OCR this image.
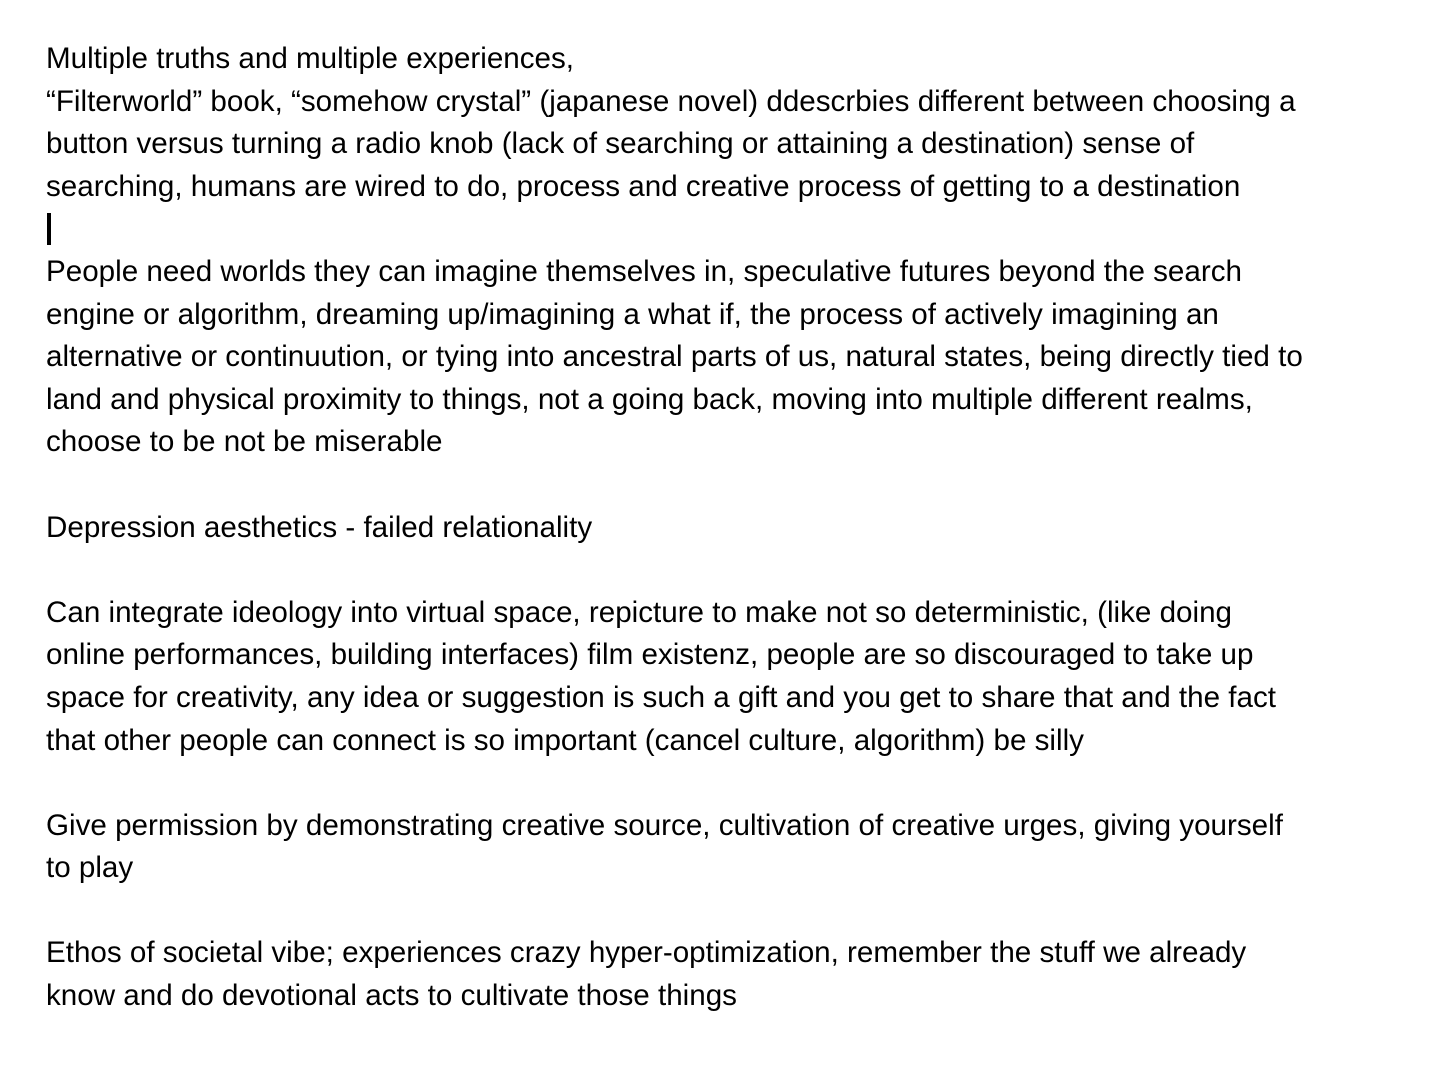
Multiple truths and multiple experiences,
“Filterworld” book, “somehow crystal” (japanese novel) ddescrbies different between choosing a
button versus turning a radio knob (lack of searching or attaining a destination) sense of
searching, humans are wired to do, process and creative process of getting to a destination

People need worlds they can imagine themselves in, speculative futures beyond the search
engine or algorithm, dreaming up/imagining a what if, the process of actively imagining an
alternative or continuution, or tying into ancestral parts of us, natural states, being directly tied to
land and physical proximity to things, not a going back, moving into multiple different realms,
choose to be not be miserable

Depression aesthetics - failed relationality

Can integrate ideology into virtual space, repicture to make not so deterministic, (like doing
online performances, building interfaces) film existenz, people are so discouraged to take up
space for creativity, any idea or suggestion is such a gift and you get to share that and the fact
that other people can connect is so important (cancel culture, algorithm) be silly

Give permission by demonstrating creative source, cultivation of creative urges, giving yourself
to play

Ethos of societal vibe; experiences crazy hyper-optimization, remember the stuff we already
know and do devotional acts to cultivate those things
